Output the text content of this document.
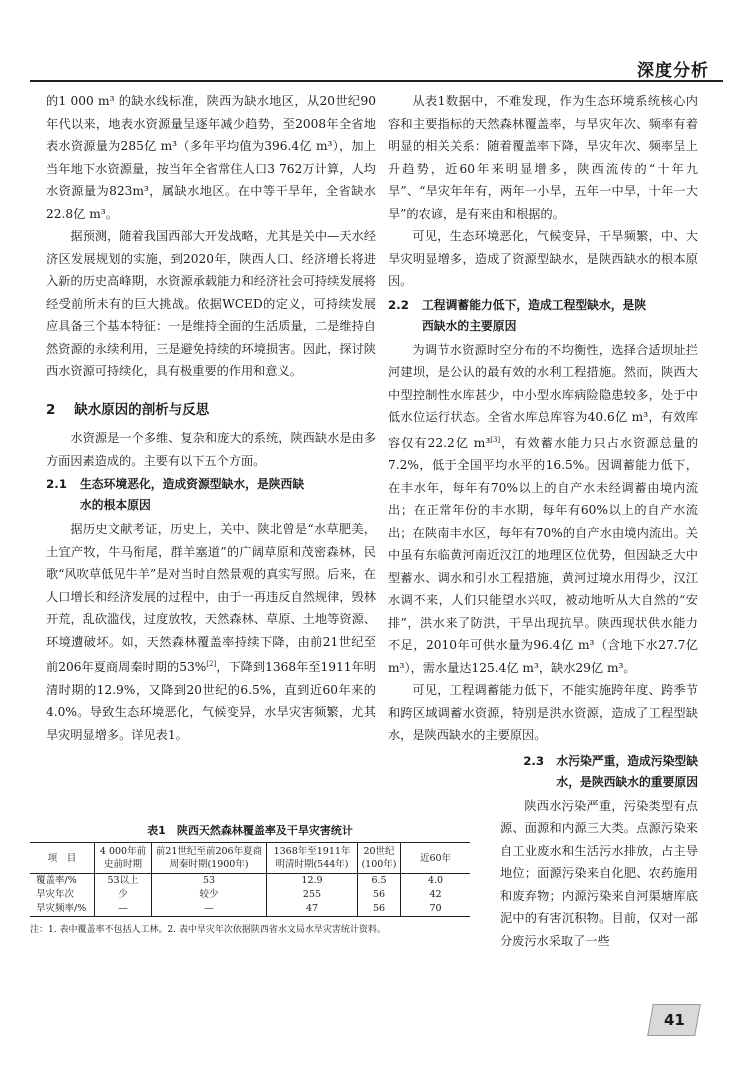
深度分析

的1 000 m³ 的缺水线标准，陕西为缺水地区，从20世纪90年代以来，地表水资源量呈逐年减少趋势，至2008年全省地表水资源量为285亿 m³（多年平均值为396.4亿 m³），加上当年地下水资源量，按当年全省常住人口3 762万计算，人均水资源量为823m³，属缺水地区。在中等干旱年，全省缺水22.8亿 m³。

据预测，随着我国西部大开发战略，尤其是关中—天水经济区发展规划的实施，到2020年，陕西人口、经济增长将进入新的历史高峰期，水资源承载能力和经济社会可持续发展将经受前所未有的巨大挑战。依据WCED的定义，可持续发展应具备三个基本特征：一是维持全面的生活质量，二是维持自然资源的永续利用，三是避免持续的环境损害。因此，探讨陕西水资源可持续化，具有极重要的作用和意义。

2 缺水原因的剖析与反思

水资源是一个多维、复杂和庞大的系统，陕西缺水是由多方面因素造成的。主要有以下五个方面。

2.1 生态环境恶化，造成资源型缺水，是陕西缺
水的根本原因

据历史文献考证，历史上，关中、陕北曾是“水草肥美，土宜产牧，牛马衔尾，群羊塞道”的广阔草原和茂密森林，民歌“风吹草低见牛羊”是对当时自然景观的真实写照。后来，在人口增长和经济发展的过程中，由于一再违反自然规律，毁林开荒，乱砍滥伐，过度放牧，天然森林、草原、土地等资源、环境遭破坏。如，天然森林覆盖率持续下降，由前21世纪至前206年夏商周秦时期的53%[2]，下降到1368年至1911年明清时期的12.9%，又降到20世纪的6.5%，直到近60年来的4.0%。导致生态环境恶化，气候变异，水旱灾害频繁，尤其旱灾明显增多。详见表1。

从表1数据中，不难发现，作为生态环境系统核心内容和主要指标的天然森林覆盖率，与旱灾年次、频率有着明显的相关关系：随着覆盖率下降，旱灾年次、频率呈上升趋势，近60年来明显增多，陕西流传的“十年九旱”、“旱灾年年有，两年一小旱，五年一中旱，十年一大旱”的农谚，是有来由和根据的。

可见，生态环境恶化，气候变异，干旱频繁，中、大旱灾明显增多，造成了资源型缺水，是陕西缺水的根本原因。

2.2 工程调蓄能力低下，造成工程型缺水，是陕
西缺水的主要原因

为调节水资源时空分布的不均衡性，选择合适坝址拦河建坝，是公认的最有效的水利工程措施。然而，陕西大中型控制性水库甚少，中小型水库病险隐患较多，处于中低水位运行状态。全省水库总库容为40.6亿 m³，有效库容仅有22.2亿 m³[3]，有效蓄水能力只占水资源总量的7.2%，低于全国平均水平的16.5%。因调蓄能力低下，在丰水年，每年有70%以上的自产水未经调蓄由境内流出；在正常年份的丰水期，每年有60%以上的自产水流出；在陕南丰水区，每年有70%的自产水由境内流出。关中虽有东临黄河南近汉江的地理区位优势，但因缺乏大中型蓄水、调水和引水工程措施，黄河过境水用得少，汉江水调不来，人们只能望水兴叹，被动地听从大自然的“安排”，洪水来了防洪，干旱出现抗旱。陕西现状供水能力不足，2010年可供水量为96.4亿 m³（含地下水27.7亿 m³），需水量达125.4亿 m³，缺水29亿 m³。

可见，工程调蓄能力低下，不能实施跨年度、跨季节和跨区域调蓄水资源，特别是洪水资源，造成了工程型缺水，是陕西缺水的主要原因。

2.3 水污染严重，造成污染型缺
水，是陕西缺水的重要原因

陕西水污染严重，污染类型有点源、面源和内源三大类。点源污染来自工业废水和生活污水排放，占主导地位；面源污染来自化肥、农药施用和废弃物；内源污染来自河渠塘库底泥中的有害沉积物。目前，仅对一部分废污水采取了一些

表1　陕西天然森林覆盖率及干旱灾害统计
项　目	4 000年前史前时期	前21世纪至前206年夏商周秦时期(1900年)	1368年至1911年明清时期(544年)	20世纪(100年)	近60年
覆盖率/%	53以上	53	12.9	6.5	4.0
旱灾年次	少	较少	255	56	42
旱灾频率/%	—	—	47	56	70
注：1. 表中覆盖率不包括人工林。2. 表中旱灾年次依据陕西省水文局水旱灾害统计资料。
41
